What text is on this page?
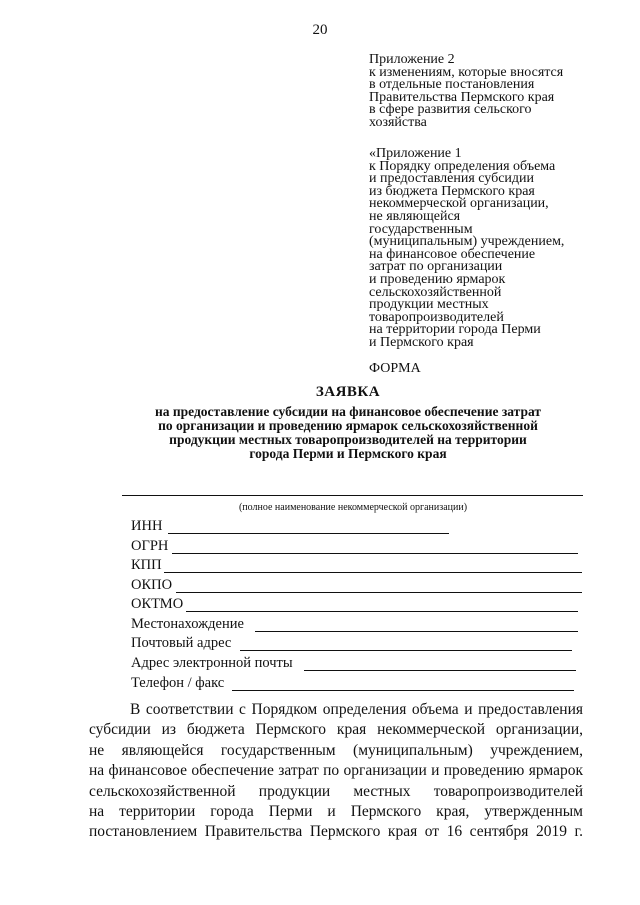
20
Приложение 2
к изменениям, которые вносятся
в отдельные постановления
Правительства Пермского края
в сфере развития сельского
хозяйства
«Приложение 1
к Порядку определения объема
и предоставления субсидии
из бюджета Пермского края
некоммерческой организации,
не являющейся
государственным
(муниципальным) учреждением,
на финансовое обеспечение
затрат по организации
и проведению ярмарок
сельскохозяйственной
продукции местных
товаропроизводителей
на территории города Перми
и Пермского края
ФОРМА
ЗАЯВКА
на предоставление субсидии на финансовое обеспечение затрат
по организации и проведению ярмарок сельскохозяйственной
продукции местных товаропроизводителей на территории
города Перми и Пермского края
(полное наименование некоммерческой организации)
ИНН
ОГРН
КПП
ОКПО
ОКТМО
Местонахождение
Почтовый адрес
Адрес электронной почты
Телефон / факс
В соответствии с Порядком определения объема и предоставления
субсидии из бюджета Пермского края некоммерческой организации,
не являющейся государственным (муниципальным) учреждением,
на финансовое обеспечение затрат по организации и проведению ярмарок
сельскохозяйственной продукции местных товаропроизводителей
на территории города Перми и Пермского края, утвержденным
постановлением Правительства Пермского края от 16 сентября 2019 г.
